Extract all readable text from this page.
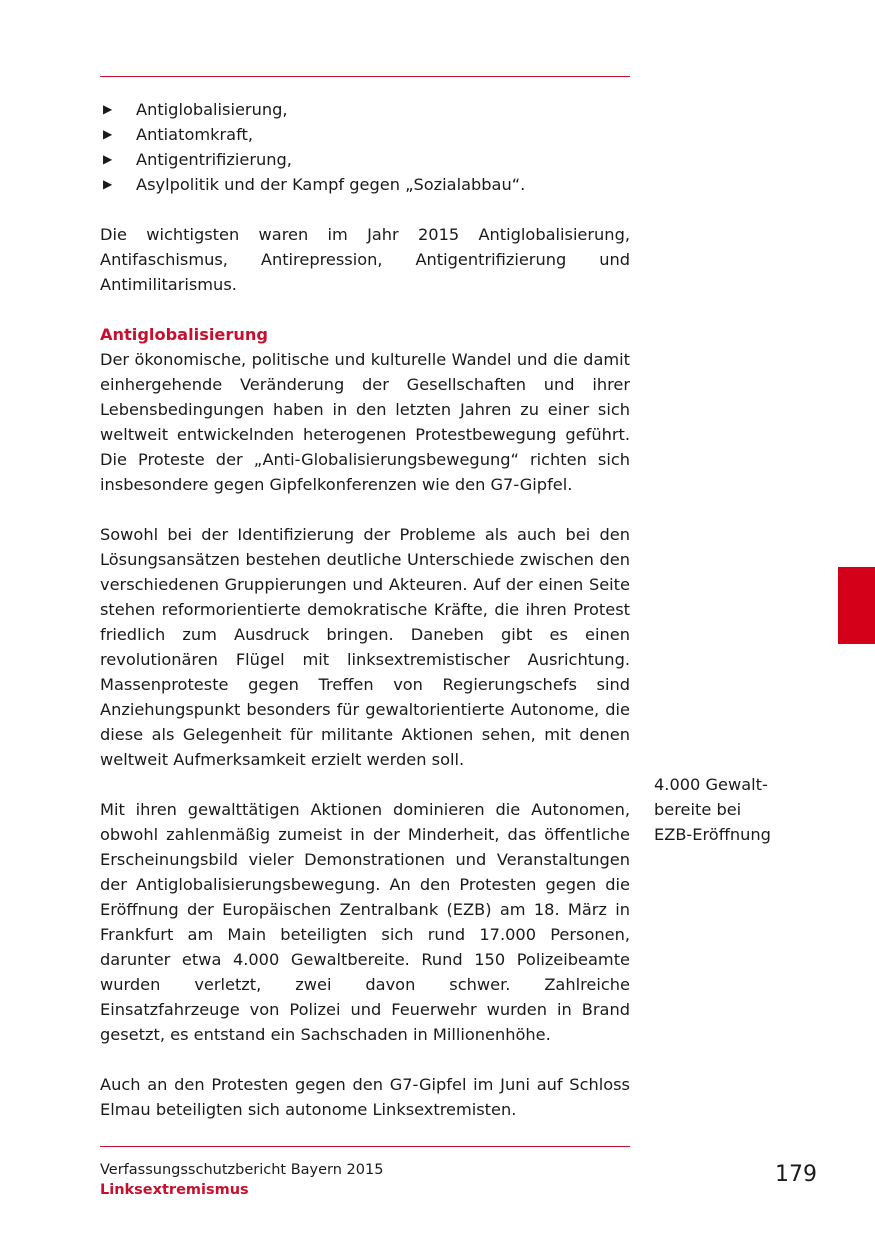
▶ Antiglobalisierung,
▶ Antiatomkraft,
▶ Antigentrifizierung,
▶ Asylpolitik und der Kampf gegen „Sozialabbau“.

Die wichtigsten waren im Jahr 2015 Antiglobalisierung, Antifaschismus, Antirepression, Antigentrifizierung und Antimilitarismus.

Antiglobalisierung

Der ökonomische, politische und kulturelle Wandel und die damit einhergehende Veränderung der Gesellschaften und ihrer Lebensbedingungen haben in den letzten Jahren zu einer sich weltweit entwickelnden heterogenen Protestbewegung geführt. Die Proteste der „Anti-Globalisierungsbewegung“ richten sich insbesondere gegen Gipfelkonferenzen wie den G7-Gipfel.

Sowohl bei der Identifizierung der Probleme als auch bei den Lösungsansätzen bestehen deutliche Unterschiede zwischen den verschiedenen Gruppierungen und Akteuren. Auf der einen Seite stehen reformorientierte demokratische Kräfte, die ihren Protest friedlich zum Ausdruck bringen. Daneben gibt es einen revolutionären Flügel mit linksextremistischer Ausrichtung. Massenproteste gegen Treffen von Regierungschefs sind Anziehungspunkt besonders für gewaltorientierte Autonome, die diese als Gelegenheit für militante Aktionen sehen, mit denen weltweit Aufmerksamkeit erzielt werden soll.

Mit ihren gewalttätigen Aktionen dominieren die Autonomen, obwohl zahlenmäßig zumeist in der Minderheit, das öffentliche Erscheinungsbild vieler Demonstrationen und Veranstaltungen der Antiglobalisierungsbewegung. An den Protesten gegen die Eröffnung der Europäischen Zentralbank (EZB) am 18. März in Frankfurt am Main beteiligten sich rund 17.000 Personen, darunter etwa 4.000 Gewaltbereite. Rund 150 Polizeibeamte wurden verletzt, zwei davon schwer. Zahlreiche Einsatzfahrzeuge von Polizei und Feuerwehr wurden in Brand gesetzt, es entstand ein Sachschaden in Millionenhöhe.

Auch an den Protesten gegen den G7-Gipfel im Juni auf Schloss Elmau beteiligten sich autonome Linksextremisten.

4.000 Gewalt-
bereite bei
EZB-Eröffnung
Verfassungsschutzbericht Bayern 2015
Linksextremismus
179
